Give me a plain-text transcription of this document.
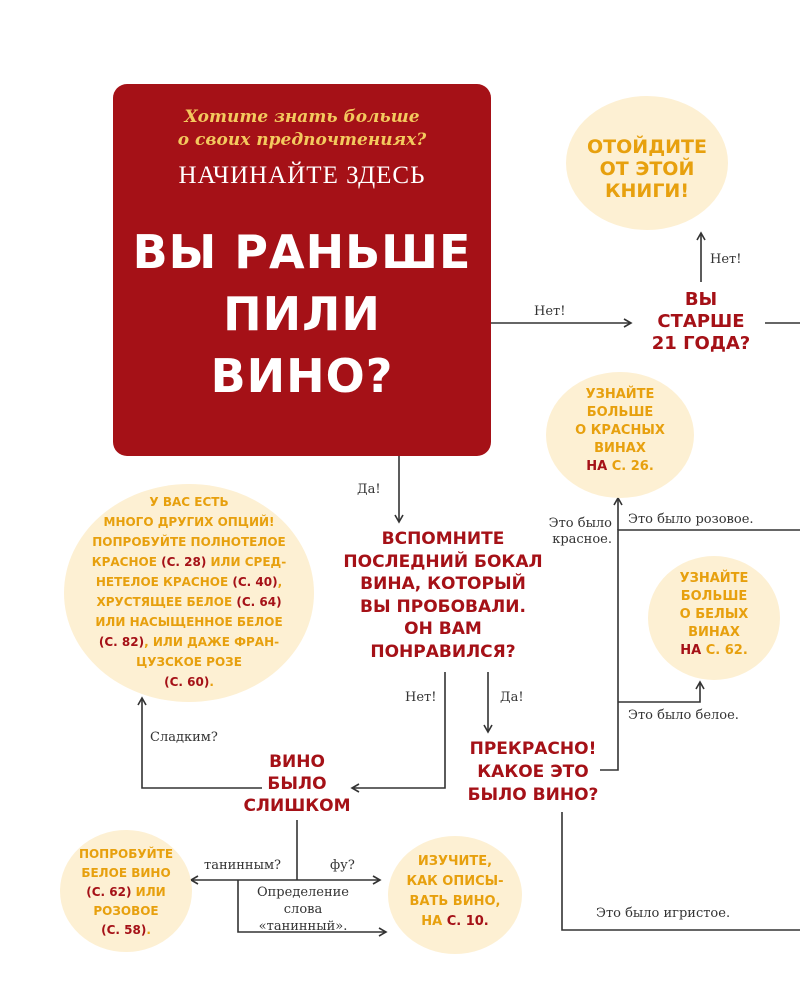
Хотите знать больше
о своих предпочтениях?
НАЧИНАЙТЕ ЗДЕСЬ
ВЫ РАНЬШЕ
ПИЛИ
ВИНО?
ОТОЙДИТЕ
ОТ ЭТОЙ
КНИГИ!
ВЫ
СТАРШЕ
21 ГОДА?
УЗНАЙТЕ
БОЛЬШЕ
О КРАСНЫХ
ВИНАХ
НА С. 26.
УЗНАЙТЕ
БОЛЬШЕ
О БЕЛЫХ
ВИНАХ
НА С. 62.
У ВАС ЕСТЬ
МНОГО ДРУГИХ ОПЦИЙ!
ПОПРОБУЙТЕ ПОЛНОТЕЛОЕ
КРАСНОЕ (С. 28) ИЛИ СРЕД-
НЕТЕЛОЕ КРАСНОЕ (С. 40),
ХРУСТЯЩЕЕ БЕЛОЕ (С. 64)
ИЛИ НАСЫЩЕННОЕ БЕЛОЕ
(С. 82), ИЛИ ДАЖЕ ФРАН-
ЦУЗСКОЕ РОЗЕ
(С. 60).
ВСПОМНИТЕ
ПОСЛЕДНИЙ БОКАЛ
ВИНА, КОТОРЫЙ
ВЫ ПРОБОВАЛИ.
ОН ВАМ
ПОНРАВИЛСЯ?
ПРЕКРАСНО!
КАКОЕ ЭТО
БЫЛО ВИНО?
ВИНО
БЫЛО
СЛИШКОМ
ПОПРОБУЙТЕ
БЕЛОЕ ВИНО
(С. 62) ИЛИ
РОЗОВОЕ
(С. 58).
ИЗУЧИТЕ,
КАК ОПИСЫ-
ВАТЬ ВИНО,
НА С. 10.
Нет!
Нет!
Да!
Нет!	Да!
Это было
красное.
Это было розовое.
Это было белое.
Это было игристое.
Сладким?
танинным?	фу?
Определение
слова
«танинный».
